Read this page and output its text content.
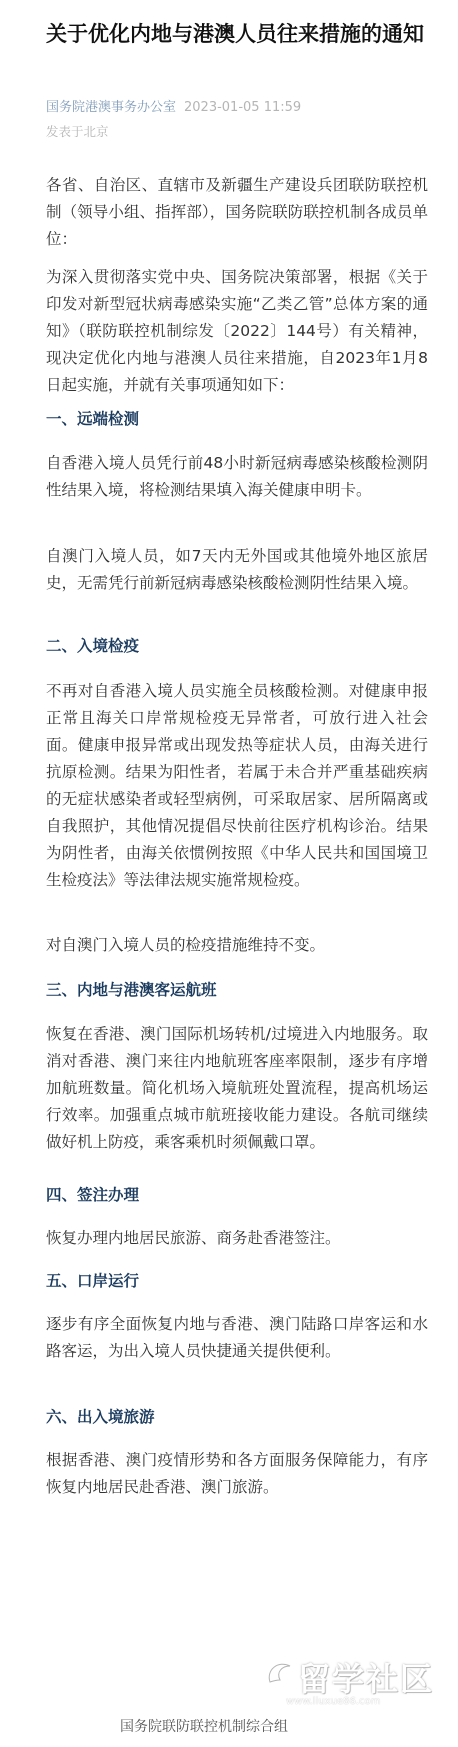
关于优化内地与港澳人员往来措施的通知
国务院港澳事务办公室 2023-01-05 11:59
发表于北京

各省、自治区、直辖市及新疆生产建设兵团联防联控机制（领导小组、指挥部），国务院联防联控机制各成员单位：

为深入贯彻落实党中央、国务院决策部署，根据《关于印发对新型冠状病毒感染实施“乙类乙管”总体方案的通知》（联防联控机制综发〔2022〕144号）有关精神，现决定优化内地与港澳人员往来措施，自2023年1月8日起实施，并就有关事项通知如下：

一、远端检测

自香港入境人员凭行前48小时新冠病毒感染核酸检测阴性结果入境，将检测结果填入海关健康申明卡。

自澳门入境人员，如7天内无外国或其他境外地区旅居史，无需凭行前新冠病毒感染核酸检测阴性结果入境。

二、入境检疫

不再对自香港入境人员实施全员核酸检测。对健康申报正常且海关口岸常规检疫无异常者，可放行进入社会面。健康申报异常或出现发热等症状人员，由海关进行抗原检测。结果为阳性者，若属于未合并严重基础疾病的无症状感染者或轻型病例，可采取居家、居所隔离或自我照护，其他情况提倡尽快前往医疗机构诊治。结果为阴性者，由海关依惯例按照《中华人民共和国国境卫生检疫法》等法律法规实施常规检疫。

对自澳门入境人员的检疫措施维持不变。

三、内地与港澳客运航班

恢复在香港、澳门国际机场转机/过境进入内地服务。取消对香港、澳门来往内地航班客座率限制，逐步有序增加航班数量。简化机场入境航班处置流程，提高机场运行效率。加强重点城市航班接收能力建设。各航司继续做好机上防疫，乘客乘机时须佩戴口罩。

四、签注办理

恢复办理内地居民旅游、商务赴香港签注。

五、口岸运行

逐步有序全面恢复内地与香港、澳门陆路口岸客运和水路客运，为出入境人员快捷通关提供便利。

六、出入境旅游

根据香港、澳门疫情形势和各方面服务保障能力，有序恢复内地居民赴香港、澳门旅游。

留学社区
www.liuxue86.com
国务院联防联控机制综合组
